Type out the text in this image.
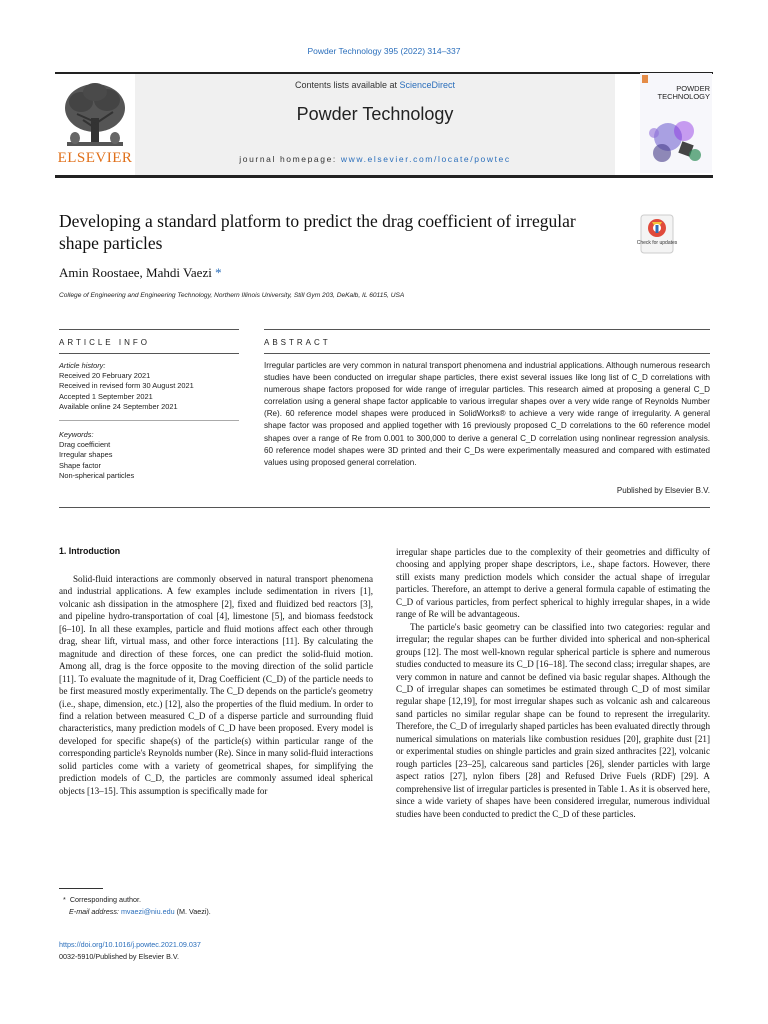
Powder Technology 395 (2022) 314–337
ELSEVIER
Contents lists available at ScienceDirect
Powder Technology
journal homepage: www.elsevier.com/locate/powtec
POWDER TECHNOLOGY
Developing a standard platform to predict the drag coefficient of irregular shape particles	Check for updates
Amin Roostaee, Mahdi Vaezi *
College of Engineering and Engineering Technology, Northern Illinois University, Still Gym 203, DeKalb, IL 60115, USA
ARTICLE INFO
Article history:
Received 20 February 2021
Received in revised form 30 August 2021
Accepted 1 September 2021
Available online 24 September 2021
Keywords:
Drag coefficient
Irregular shapes
Shape factor
Non-spherical particles
ABSTRACT
Irregular particles are very common in natural transport phenomena and industrial applications. Although numerous research studies have been conducted on irregular shape particles, there exist several issues like long list of C_D correlations with numerous shape factors proposed for wide range of irregular particles. This research aimed at proposing a general C_D correlation using a general shape factor applicable to various irregular shapes over a very wide range of Reynolds Number (Re). 60 reference model shapes were produced in SolidWorks® to achieve a very wide range of irregularity. A general shape factor was proposed and applied together with 16 previously proposed C_D correlations to the 60 reference model shapes over a range of Re from 0.001 to 300,000 to derive a general C_D correlation using nonlinear regression analysis. 60 reference model shapes were 3D printed and their C_Ds were experimentally measured and compared with estimated values using proposed general correlation.
Published by Elsevier B.V.
1. Introduction

Solid-fluid interactions are commonly observed in natural transport phenomena and industrial applications. A few examples include sedimentation in rivers [1], volcanic ash dissipation in the atmosphere [2], fixed and fluidized bed reactors [3], and pipeline hydro-transportation of coal [4], limestone [5], and biomass feedstock [6–10]. In all these examples, particle and fluid motions affect each other through drag, shear lift, virtual mass, and other force interactions [11]. By calculating the magnitude and direction of these forces, one can predict the solid-fluid motion. Among all, drag is the force opposite to the moving direction of the solid particle [11]. To evaluate the magnitude of it, Drag Coefficient (C_D) of the particle needs to be first measured mostly experimentally. The C_D depends on the particle's geometry (i.e., shape, dimension, etc.) [12], also the properties of the fluid medium. In order to find a relation between measured C_D of a disperse particle and surrounding fluid characteristics, many prediction models of C_D have been proposed. Every model is developed for specific shape(s) of the particle(s) within particular range of the corresponding particle's Reynolds number (Re). Since in many solid-fluid interactions solid particles come with a variety of geometrical shapes, for simplifying the prediction models of C_D, the particles are commonly assumed ideal spherical objects [13–15]. This assumption is specifically made for

irregular shape particles due to the complexity of their geometries and difficulty of choosing and applying proper shape descriptors, i.e., shape factors. However, there still exists many prediction models which consider the actual shape of irregular particles. Therefore, an attempt to derive a general formula capable of estimating the C_D of various particles, from perfect spherical to highly irregular shapes, in a wide range of Re will be advantageous.

The particle's basic geometry can be classified into two categories: regular and irregular; the regular shapes can be further divided into spherical and non-spherical groups [12]. The most well-known regular spherical particle is sphere and numerous studies conducted to measure its C_D [16–18]. The second class; irregular shapes, are very common in nature and cannot be defined via basic regular shapes. Although the C_D of irregular shapes can sometimes be estimated through C_D of most similar regular shape [12,19], for most irregular shapes such as volcanic ash and calcareous sand particles no similar regular shape can be found to represent the irregularity. Therefore, the C_D of irregularly shaped particles has been evaluated directly through numerical simulations on materials like combustion residues [20], graphite dust [21] or experimental studies on shingle particles and grain sized anthracites [22], volcanic rough particles [23–25], calcareous sand particles [26], slender particles with large aspect ratios [27], nylon fibers [28] and Refused Drive Fuels (RDF) [29]. A comprehensive list of irregular particles is presented in Table 1. As it is observed here, since a wide variety of shapes have been considered irregular, numerous individual studies have been conducted to predict the C_D of these particles.

* Corresponding author.
E-mail address: mvaezi@niu.edu (M. Vaezi).
https://doi.org/10.1016/j.powtec.2021.09.037
0032-5910/Published by Elsevier B.V.
